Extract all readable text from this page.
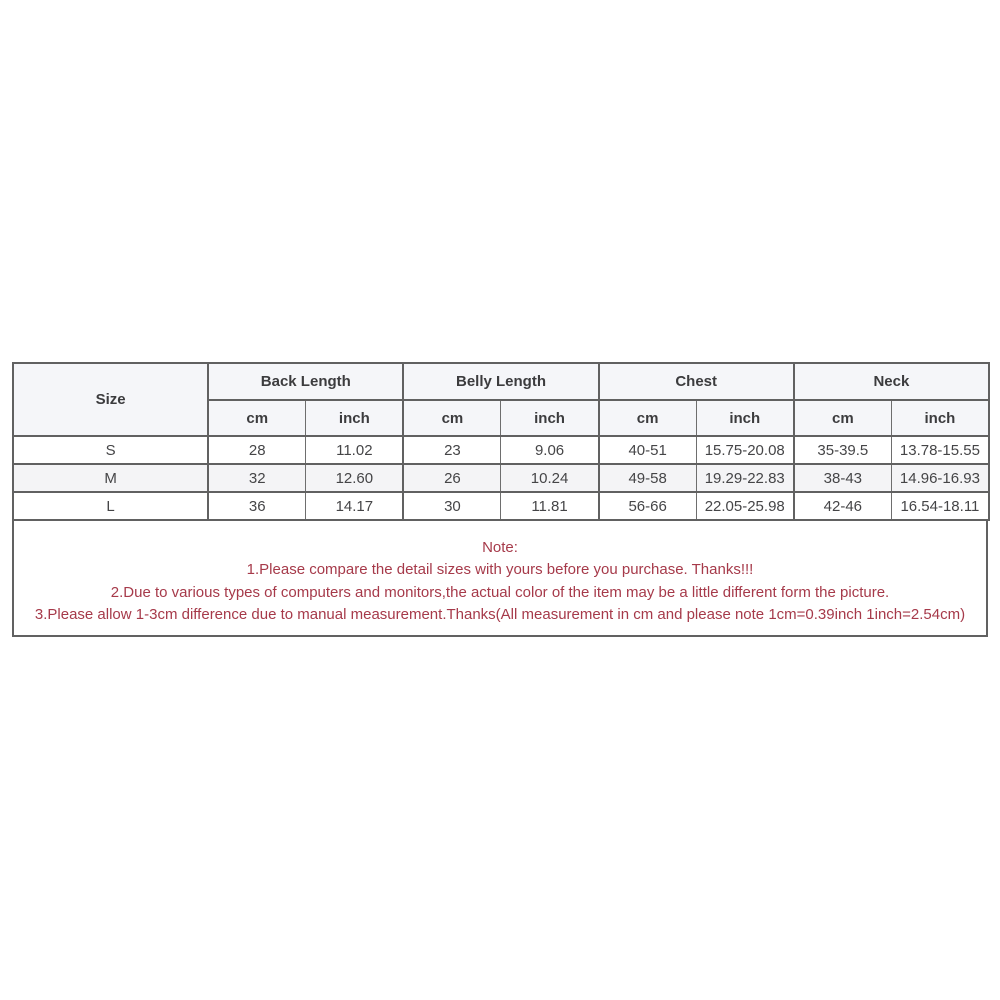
Size	Back Length		Belly Length		Chest		Neck	
	cm	inch	cm	inch	cm	inch	cm	inch
S	28	11.02	23	9.06	40-51	15.75-20.08	35-39.5	13.78-15.55
M	32	12.60	26	10.24	49-58	19.29-22.83	38-43	14.96-16.93
L	36	14.17	30	11.81	56-66	22.05-25.98	42-46	16.54-18.11
Note:
1.Please compare the detail sizes with yours before you purchase. Thanks!!!
2.Due to various types of computers and monitors,the actual color of the item may be a little different form the picture.
3.Please allow 1-3cm difference due to manual measurement.Thanks(All measurement in cm and please note 1cm=0.39inch 1inch=2.54cm)
